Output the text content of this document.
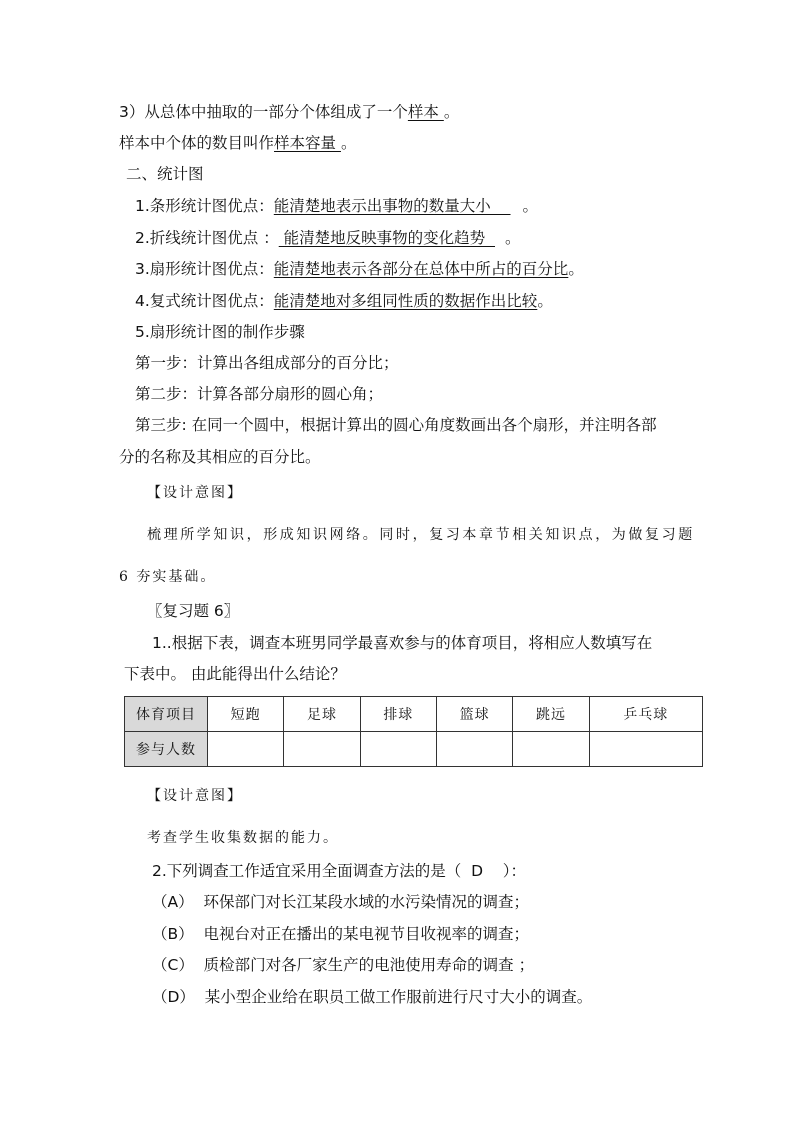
3）从总体中抽取的一部分个体组成了一个样本 。
样本中个体的数目叫作样本容量 。
二、统计图
1.条形统计图优点：能清楚地表示出事物的数量大小    。
2.折线统计图优点 ： 能清楚地反映事物的变化趋势  。
3.扇形统计图优点：能清楚地表示各部分在总体中所占的百分比。
4.复式统计图优点：能清楚地对多组同性质的数据作出比较。
5.扇形统计图的制作步骤
第一步：计算出各组成部分的百分比；
第二步：计算各部分扇形的圆心角；
第三步: 在同一个圆中，根据计算出的圆心角度数画出各个扇形，并注明各部
分的名称及其相应的百分比。
【设计意图】
梳理所学知识，形成知识网络。同时，复习本章节相关知识点，为做复习题
6 夯实基础。
〖复习题 6〗
1..根据下表，调查本班男同学最喜欢参与的体育项目，将相应人数填写在
下表中。 由此能得出什么结论？
体育项目	短跑	足球	排球	篮球	跳远	乒乓球
参与人数						
【设计意图】
考查学生收集数据的能力。
2.下列调查工作适宜采用全面调查方法的是（  D    ）：
（A）  环保部门对长江某段水域的水污染情况的调查；
（B）  电视台对正在播出的某电视节目收视率的调查；
（C）  质检部门对各厂家生产的电池使用寿命的调查 ；
（D）  某小型企业给在职员工做工作服前进行尺寸大小的调查。
